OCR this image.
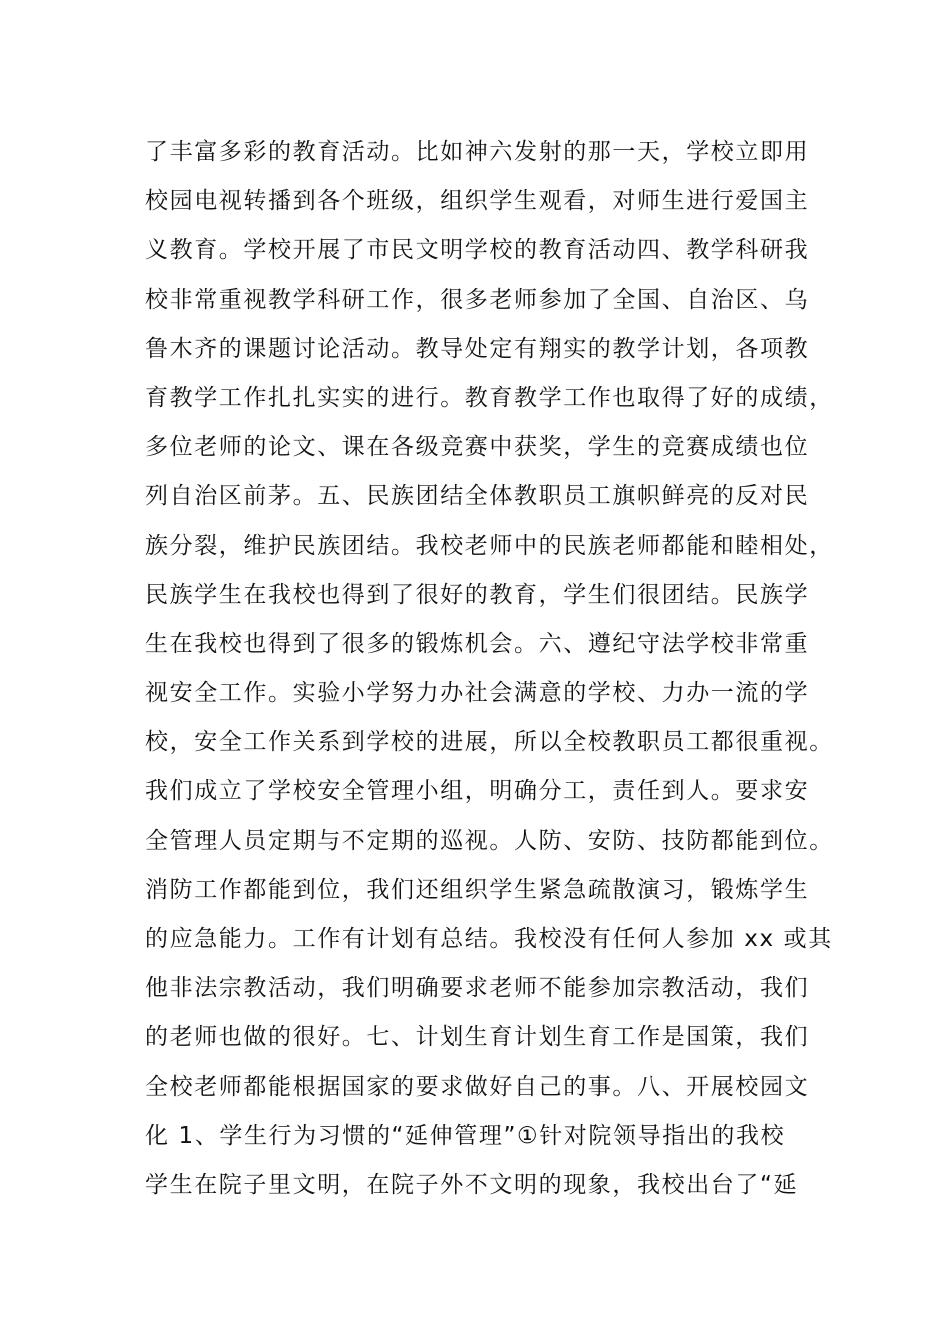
了丰富多彩的教育活动。比如神六发射的那一天，学校立即用
校园电视转播到各个班级，组织学生观看，对师生进行爱国主
义教育。学校开展了市民文明学校的教育活动四、教学科研我
校非常重视教学科研工作，很多老师参加了全国、自治区、乌
鲁木齐的课题讨论活动。教导处定有翔实的教学计划，各项教
育教学工作扎扎实实的进行。教育教学工作也取得了好的成绩，
多位老师的论文、课在各级竞赛中获奖，学生的竞赛成绩也位
列自治区前茅。五、民族团结全体教职员工旗帜鲜亮的反对民
族分裂，维护民族团结。我校老师中的民族老师都能和睦相处，
民族学生在我校也得到了很好的教育，学生们很团结。民族学
生在我校也得到了很多的锻炼机会。六、遵纪守法学校非常重
视安全工作。实验小学努力办社会满意的学校、力办一流的学
校，安全工作关系到学校的进展，所以全校教职员工都很重视。
我们成立了学校安全管理小组，明确分工，责任到人。要求安
全管理人员定期与不定期的巡视。人防、安防、技防都能到位。
消防工作都能到位，我们还组织学生紧急疏散演习，锻炼学生
的应急能力。工作有计划有总结。我校没有任何人参加 xx 或其
他非法宗教活动，我们明确要求老师不能参加宗教活动，我们
的老师也做的很好。七、计划生育计划生育工作是国策，我们
全校老师都能根据国家的要求做好自己的事。八、开展校园文
化 1、学生行为习惯的“延伸管理”①针对院领导指出的我校
学生在院子里文明，在院子外不文明的现象，我校出台了“延
